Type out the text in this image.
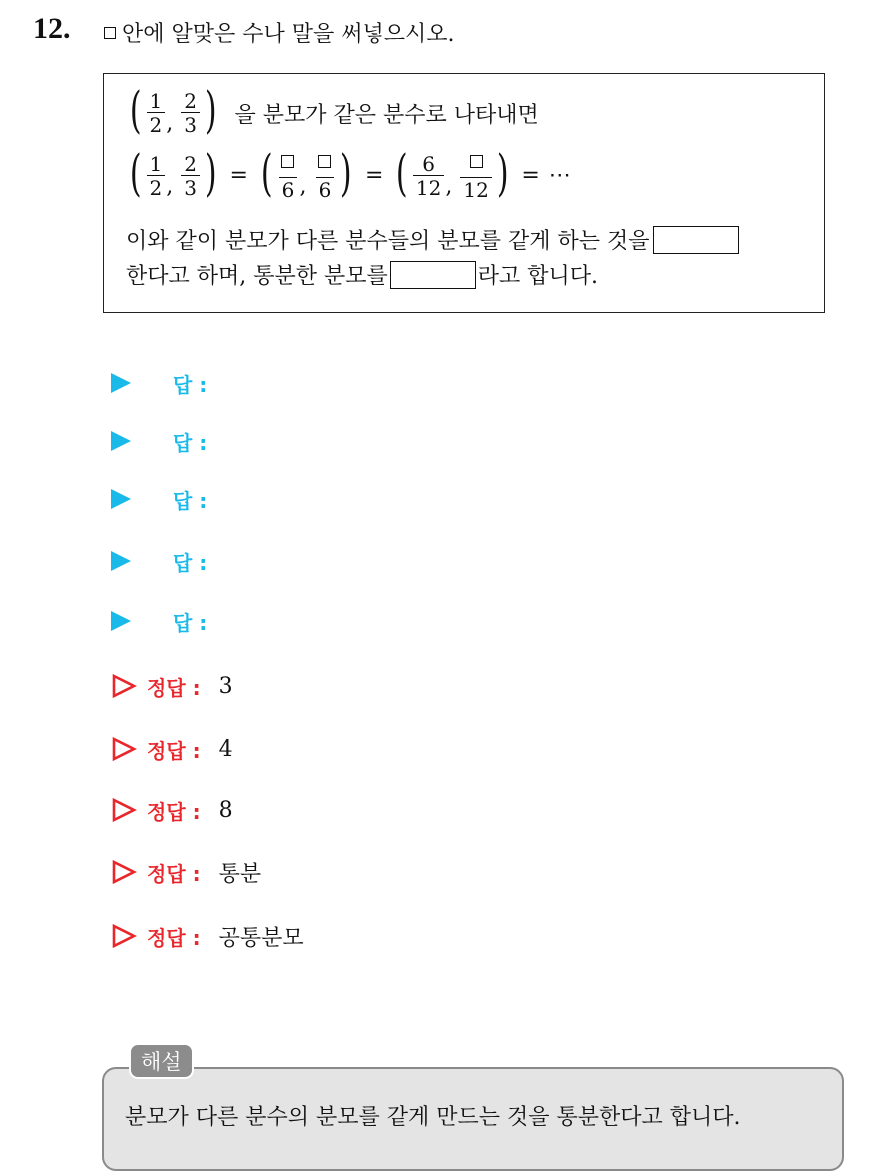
12.	안에 알맞은 수나 말을 써넣으시오.
( $\frac{1}{2}$ , $\frac{2}{3}$ ) 을 분모가 같은 분수로 나타내면
( $\frac{1}{2}$ , $\frac{2}{3}$ ) = ( 6 , 6 ) = ( $\frac{6}{12}$ , 12 ) = ⋯
이와 같이 분모가 다른 분수들의 분모를 같게 하는 것을
한다고 하며, 통분한 분모를	라고 합니다.
답 :
답 :
답 :
답 :
답 :
정답 : 3
정답 : 4
정답 : 8
정답 : 통분
정답 : 공통분모
해설
분모가 다른 분수의 분모를 같게 만드는 것을 통분한다고 합니다.
